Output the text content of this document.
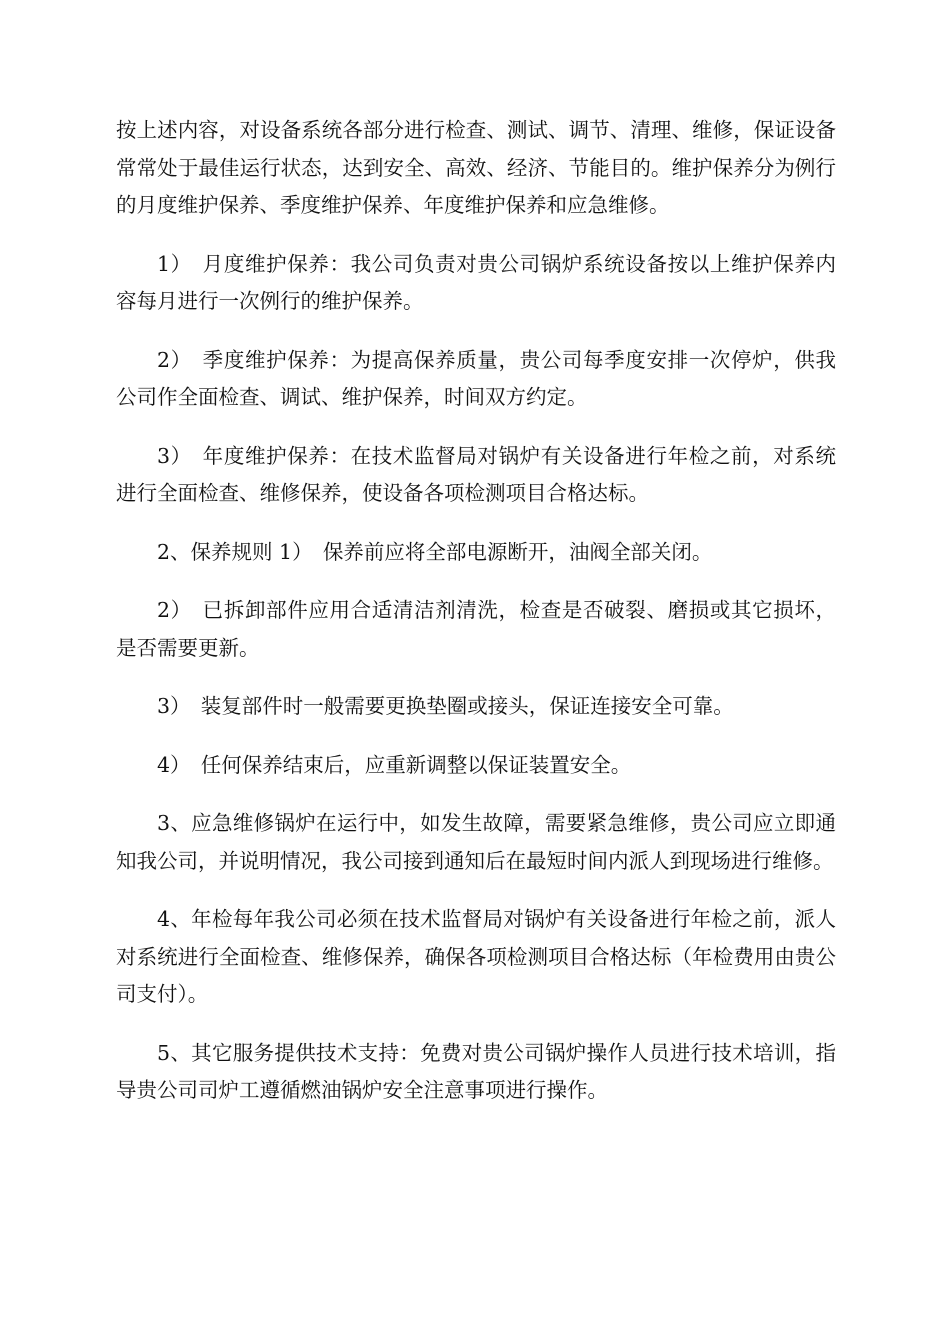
按上述内容，对设备系统各部分进行检查、测试、调节、清理、维修，保证设备常常处于最佳运行状态，达到安全、高效、经济、节能目的。维护保养分为例行的月度维护保养、季度维护保养、年度维护保养和应急维修。

1）　月度维护保养：我公司负责对贵公司锅炉系统设备按以上维护保养内容每月进行一次例行的维护保养。

2）　季度维护保养：为提高保养质量，贵公司每季度安排一次停炉，供我公司作全面检查、调试、维护保养，时间双方约定。

3）　年度维护保养：在技术监督局对锅炉有关设备进行年检之前，对系统进行全面检查、维修保养，使设备各项检测项目合格达标。

2、保养规则 1）　保养前应将全部电源断开，油阀全部关闭。

2）　已拆卸部件应用合适清洁剂清洗，检查是否破裂、磨损或其它损坏，是否需要更新。

3）　装复部件时一般需要更换垫圈或接头，保证连接安全可靠。

4）　任何保养结束后，应重新调整以保证装置安全。

3、应急维修锅炉在运行中，如发生故障，需要紧急维修，贵公司应立即通知我公司，并说明情况，我公司接到通知后在最短时间内派人到现场进行维修。

4、年检每年我公司必须在技术监督局对锅炉有关设备进行年检之前，派人对系统进行全面检查、维修保养，确保各项检测项目合格达标（年检费用由贵公司支付）。

5、其它服务提供技术支持：免费对贵公司锅炉操作人员进行技术培训，指导贵公司司炉工遵循燃油锅炉安全注意事项进行操作。
